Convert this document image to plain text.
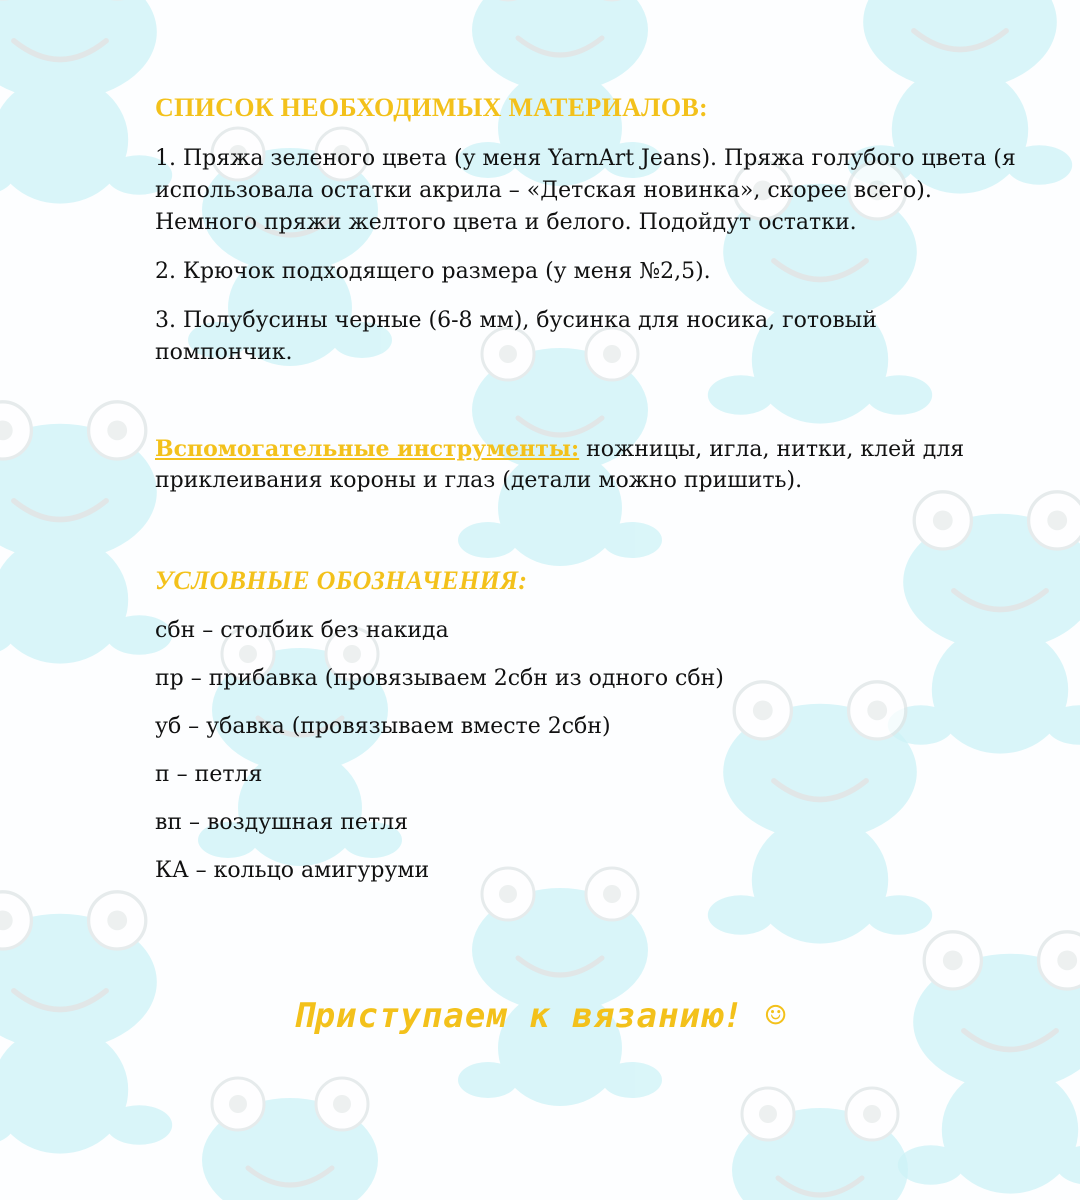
СПИСОК НЕОБХОДИМЫХ МАТЕРИАЛОВ:

1. Пряжа зеленого цвета (у меня YarnArt Jeans). Пряжа голубого цвета (я

использовала остатки акрила – «Детская новинка», скорее всего).

Немного пряжи желтого цвета и белого. Подойдут остатки.

2. Крючок подходящего размера (у меня №2,5).

3. Полубусины черные (6-8 мм), бусинка для носика, готовый

помпончик.

Вспомогательные инструменты: ножницы, игла, нитки, клей для

приклеивания короны и глаз (детали можно пришить).

УСЛОВНЫЕ ОБОЗНАЧЕНИЯ:

сбн – столбик без накида

пр – прибавка (провязываем 2сбн из одного сбн)

уб – убавка (провязываем вместе 2сбн)

п – петля

вп – воздушная петля

КА – кольцо амигуруми

Приступаем к вязанию! ☺
